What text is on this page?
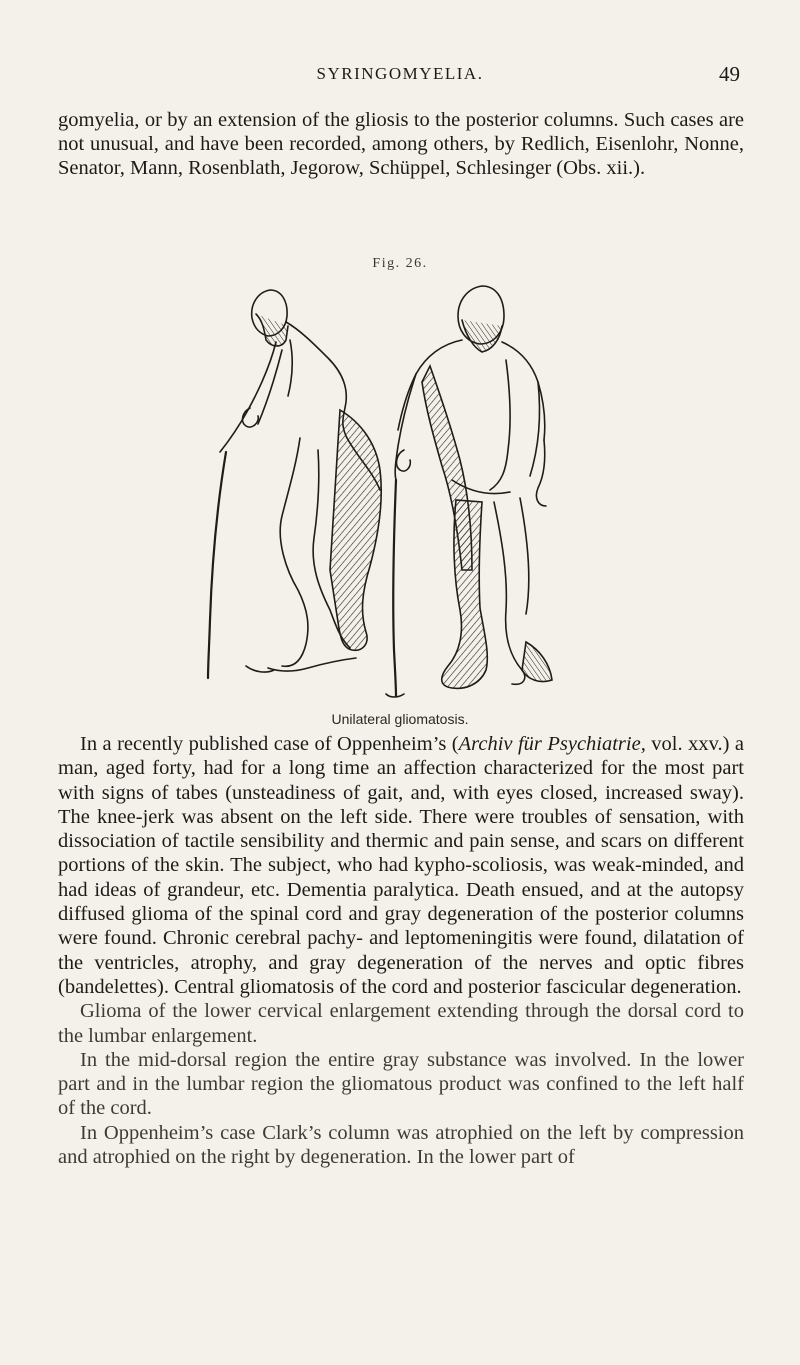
SYRINGOMYELIA.	49

gomyelia, or by an extension of the gliosis to the posterior columns. Such cases are not unusual, and have been recorded, among others, by Redlich, Eisenlohr, Nonne, Senator, Mann, Rosenblath, Jegorow, Schüppel, Schlesinger (Obs. xii.).

Fig. 26.
Unilateral gliomatosis.

In a recently published case of Oppenheim’s (Archiv für Psychiatrie, vol. xxv.) a man, aged forty, had for a long time an affection characterized for the most part with signs of tabes (unsteadiness of gait, and, with eyes closed, increased sway). The knee-jerk was absent on the left side. There were troubles of sensation, with dissociation of tactile sensibility and thermic and pain sense, and scars on different portions of the skin. The subject, who had kypho-scoliosis, was weak-minded, and had ideas of grandeur, etc. Dementia paralytica. Death ensued, and at the autopsy diffused glioma of the spinal cord and gray degeneration of the posterior columns were found. Chronic cerebral pachy- and leptomeningitis were found, dilatation of the ventricles, atrophy, and gray degeneration of the nerves and optic fibres (bandelettes). Central gliomatosis of the cord and posterior fascicular degeneration.

Glioma of the lower cervical enlargement extending through the dorsal cord to the lumbar enlargement.

In the mid-dorsal region the entire gray substance was involved. In the lower part and in the lumbar region the gliomatous product was confined to the left half of the cord.

In Oppenheim’s case Clark’s column was atrophied on the left by compression and atrophied on the right by degeneration. In the lower part of
